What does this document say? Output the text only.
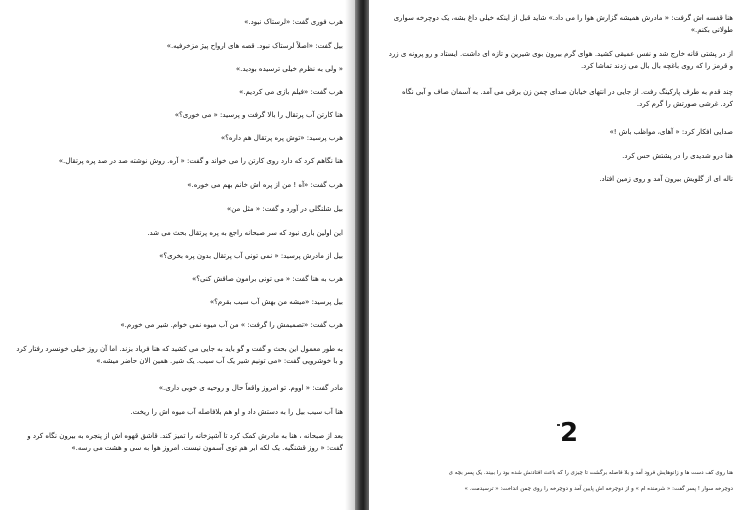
هرب فوری گفت: «لرستاک نبود.»
بیل گفت: «اصلاً لرستاک نبود. قصه های ارواح پیژ مزخرفیه.»
« ولی به نظرم خیلی ترسیده بودید.»
هرب گفت: «فیلم بازی می کردیم.»
هنا کارتن آب پرتقال را بالا گرفت و پرسید: « می خوری؟»
هرب پرسید: «توش پره پرتقال هم داره؟»
هنا نگاهم کرد که دارد روی کارتن را می خواند و گفت: « آره. روش نوشته صد در صد پره پرتقال.»
هرب گفت: «آه ! من از پره اش خانم بهم می خوره.»
بیل شلنگلی در آورد و گفت: « مثل من»
این اولین باری نبود که سر صبحانه راجع به پره پرتقال بحث می شد.
بیل از مادرش پرسید: « نمی تونی آب پرتقال بدون پره بخری؟»
هرب به هنا گفت: « می تونی برامون صافش کنی؟»
بیل پرسید: «میشه من بهش آب سیب بقرم؟»
هرب گفت: «تصمیمش را گرفت: » من آب میوه نمی خوام. شیر می خورم.»
به طور معمول این بحث و گفت و گو باید به جایی می کشید که هنا فریاد بزند. اما آن روز خیلی خونسرد رفتار کرد و با خوشرویی گفت: «می تونیم شیر یک آب سیب. یک شیر. همین الان حاضر میشه.»
مادر گفت: « اووم. تو امروز واقعاً حال و روحیه ی خوبی داری.»
هنا آب سیب بیل را به دستش داد و او هم بلافاصله آب میوه اش را ریخت.
بعد از صبحانه ، هنا به مادرش کمک کرد تا آشپزخانه را تمیز کند. قاشق قهوه اش از پنجره به بیرون نگاه کرد و گفت: « روز قشنگیه. یک لکه ابر هم توی آسمون نیست. امروز هوا به سی و هشت می رسه.»
هنا قفسه اش گرفت: « مادرش همیشه گزارش هوا را می داد.» شاید قبل از اینکه خیلی داغ بشه، یک دوچرخه سواری طولانی بکنم.»
از در پشتی قانه خارج شد و نفس عمیقی کشید. هوای گرم بیرون بوی شیرین و تازه ای داشت. ایستاد و رو پرونه ی زرد و قرمز را که روی باغچه بال بال می زدند تماشا کرد.
چند قدم به طرف پارکینگ رفت. از جایی در انتهای خیابان صدای چمن زن برقی می آمد. به آسمان صاف و آبی نگاه کرد. غرشی صورتش را گرم کرد.
صدایی افکار کرد: « آهای، مواظب باش !»
هنا درو شدیدی را در پشتش حس کرد.
ناله ای از گلویش بیرون آمد و روی زمین افتاد.
2
هنا روی کف دست ها و زانوهایش فرود آمد و بلا فاصله برگشت تا چیزی را که باعث افتادنش شده بود را ببیند. یک پسر بچه ی
دوچرخه سوار ! پسر گفت: « شرمنده ام » و از دوچرخه اش پایین آمد و دوچرخه را روی چمن انداخت: « ترسیدمت. »
